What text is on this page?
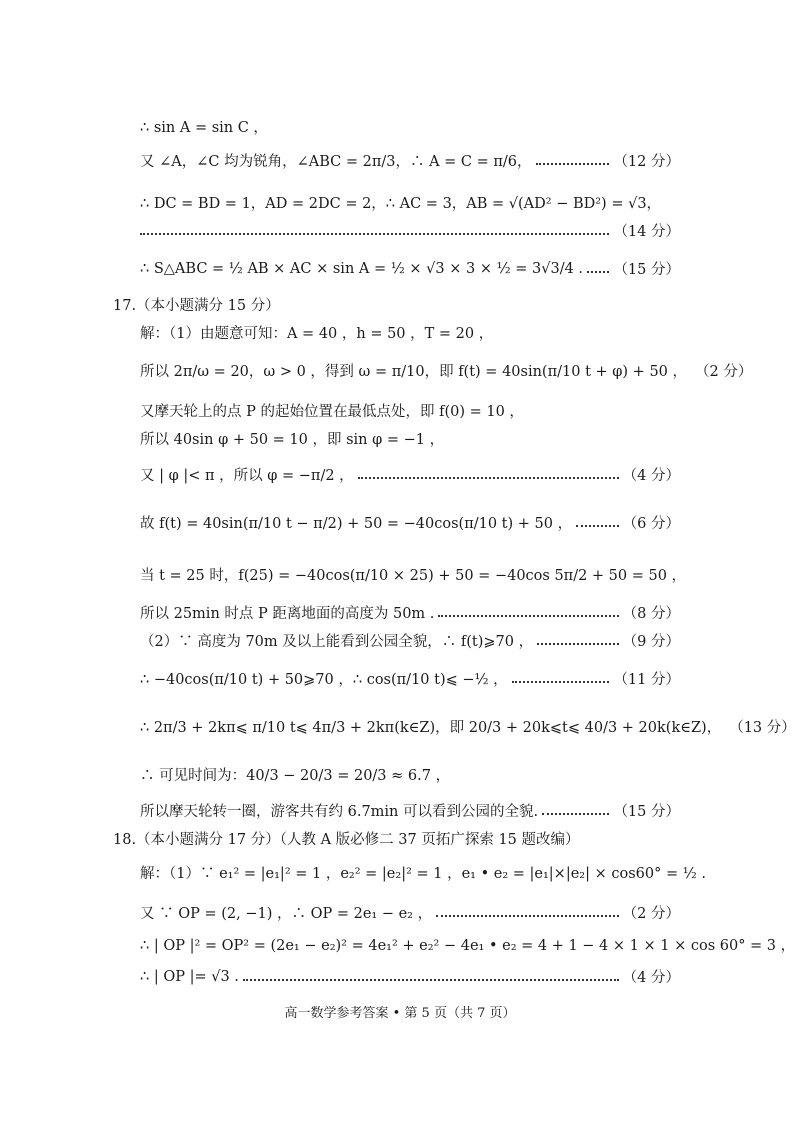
∴ sin A = sin C ，
又 ∠A，∠C 均为锐角，∠ABC = 2π/3，∴ A = C = π/6，	（12 分）
∴ DC = BD = 1，AD = 2DC = 2，∴ AC = 3，AB = √(AD² − BD²) = √3，
（14 分）
∴ S△ABC = ½ AB × AC × sin A = ½ × √3 × 3 × ½ = 3√3/4 . （15 分）
17.（本小题满分 15 分）
解：（1）由题意可知：A = 40 ，h = 50 ，T = 20 ，
所以 2π/ω = 20，ω > 0 ，得到 ω = π/10，即 f(t) = 40sin(π/10 t + φ) + 50 ， （2 分）
又摩天轮上的点 P 的起始位置在最低点处，即 f(0) = 10 ，
所以 40sin φ + 50 = 10 ，即 sin φ = −1 ，
又 | φ |< π ，所以 φ = −π/2 ，	（4 分）
故 f(t) = 40sin(π/10 t − π/2) + 50 = −40cos(π/10 t) + 50 ，	（6 分）
当 t = 25 时，f(25) = −40cos(π/10 × 25) + 50 = −40cos 5π/2 + 50 = 50 ，
所以 25min 时点 P 距离地面的高度为 50m .	（8 分）
（2）∵ 高度为 70m 及以上能看到公园全貌，∴ f(t)⩾70 ，	（9 分）
∴ −40cos(π/10 t) + 50⩾70 ，∴ cos(π/10 t)⩽ −½ ，	（11 分）
∴ 2π/3 + 2kπ⩽ π/10 t⩽ 4π/3 + 2kπ(k∈Z)，即 20/3 + 20k⩽t⩽ 40/3 + 20k(k∈Z)， （13 分）
∴ 可见时间为：40/3 − 20/3 = 20/3 ≈ 6.7 ，
所以摩天轮转一圈，游客共有约 6.7min 可以看到公园的全貌.	（15 分）
18.（本小题满分 17 分）（人教 A 版必修二 37 页拓广探索 15 题改编）
解：（1）∵ e₁² = |e₁|² = 1 ，e₂² = |e₂|² = 1 ，e₁ • e₂ = |e₁|×|e₂| × cos60° = ½ .
又 ∵ OP = (2, −1) ，∴ OP = 2e₁ − e₂ ，	（2 分）
∴ | OP |² = OP² = (2e₁ − e₂)² = 4e₁² + e₂² − 4e₁ • e₂ = 4 + 1 − 4 × 1 × 1 × cos 60° = 3 ，
∴ | OP |= √3 .	（4 分）
高一数学参考答案 • 第 5 页（共 7 页）
